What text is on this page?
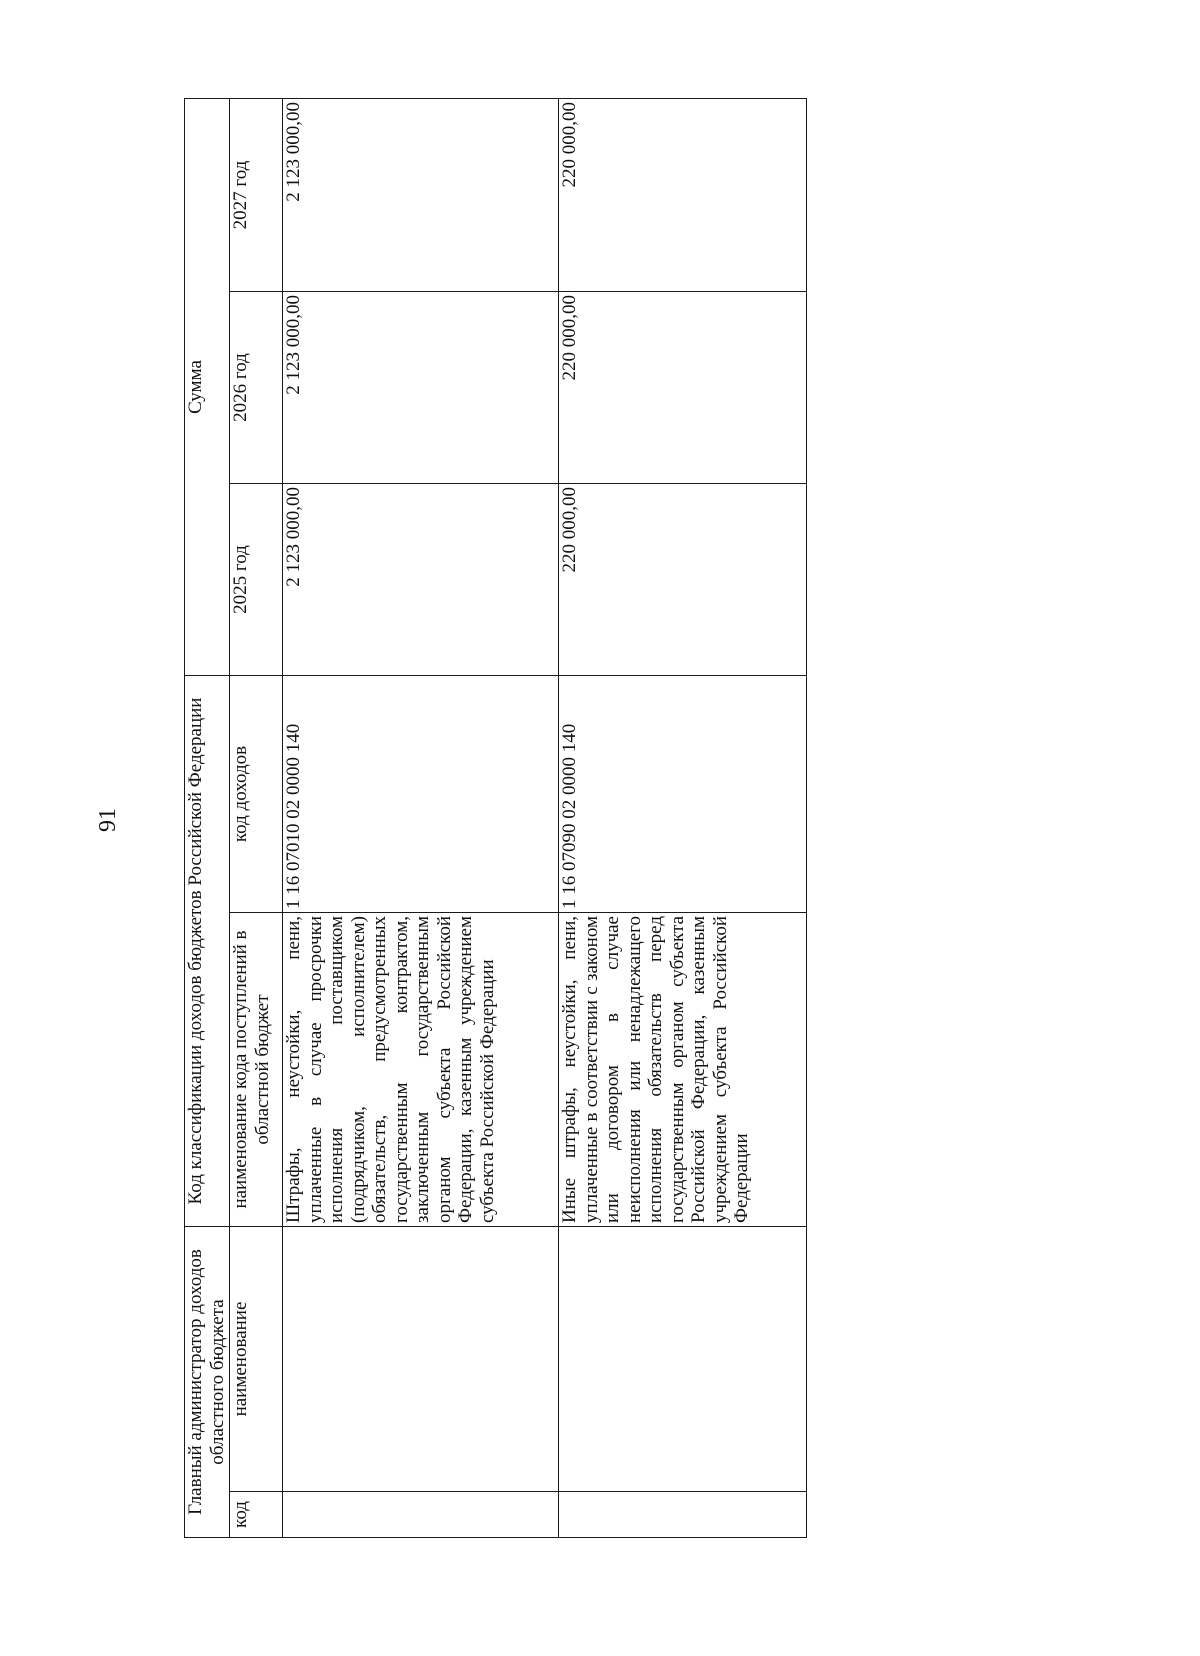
91
Главный администратор доходов областного бюджета		Код классификации доходов бюджетов Российской Федерации		Сумма		
код	наименование	наименование кода поступлений в областной бюджет	код доходов	2025 год	2026 год	2027 год
		Штрафы, неустойки, пени, уплаченные в случае просрочки исполнения поставщиком (подрядчиком, исполнителем) обязательств, предусмотренных государственным контрактом, заключенным государственным органом субъекта Российской Федерации, казенным учреждением субъекта Российской Федерации	1 16 07010 02 0000 140	2 123 000,00	2 123 000,00	2 123 000,00
		Иные штрафы, неустойки, пени, уплаченные в соответствии с законом или договором в случае неисполнения или ненадлежащего исполнения обязательств перед государственным органом субъекта Российской Федерации, казенным учреждением субъекта Российской Федерации	1 16 07090 02 0000 140	220 000,00	220 000,00	220 000,00
